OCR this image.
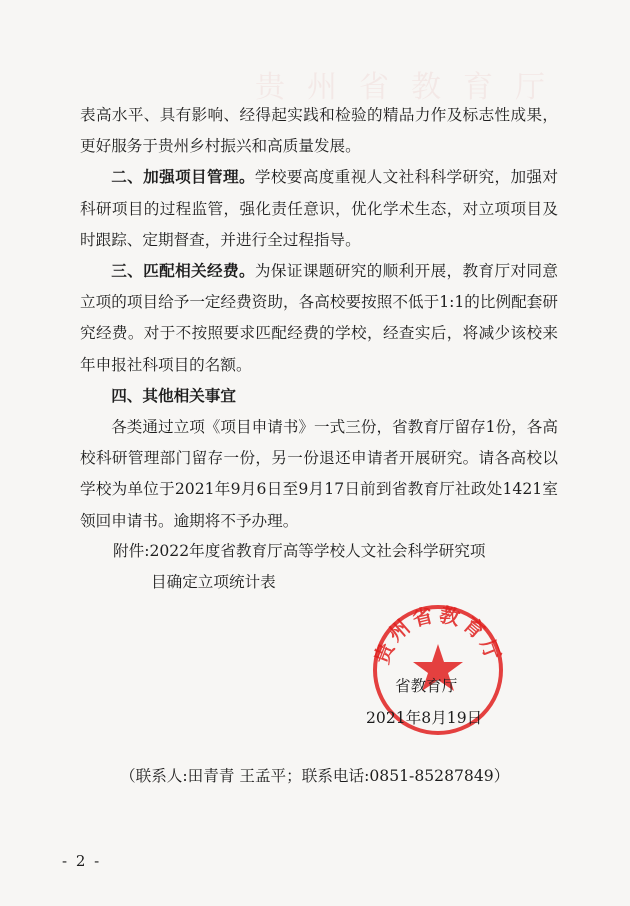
贵州省教育厅

表高水平、具有影响、经得起实践和检验的精品力作及标志性成果，更好服务于贵州乡村振兴和高质量发展。

二、加强项目管理。学校要高度重视人文社科科学研究，加强对科研项目的过程监管，强化责任意识，优化学术生态，对立项项目及时跟踪、定期督查，并进行全过程指导。

三、匹配相关经费。为保证课题研究的顺利开展，教育厅对同意立项的项目给予一定经费资助，各高校要按照不低于1:1的比例配套研究经费。对于不按照要求匹配经费的学校，经查实后，将减少该校来年申报社科项目的名额。

四、其他相关事宜

各类通过立项《项目申请书》一式三份，省教育厅留存1份，各高校科研管理部门留存一份，另一份退还申请者开展研究。请各高校以学校为单位于2021年9月6日至9月17日前到省教育厅社政处1421室领回申请书。逾期将不予办理。

附件:2022年度省教育厅高等学校人文社会科学研究项
目确定立项统计表
贵州省教育厅
省教育厅
2021年8月19日
（联系人:田青青 王孟平；联系电话:0851-85287849）
- 2 -
